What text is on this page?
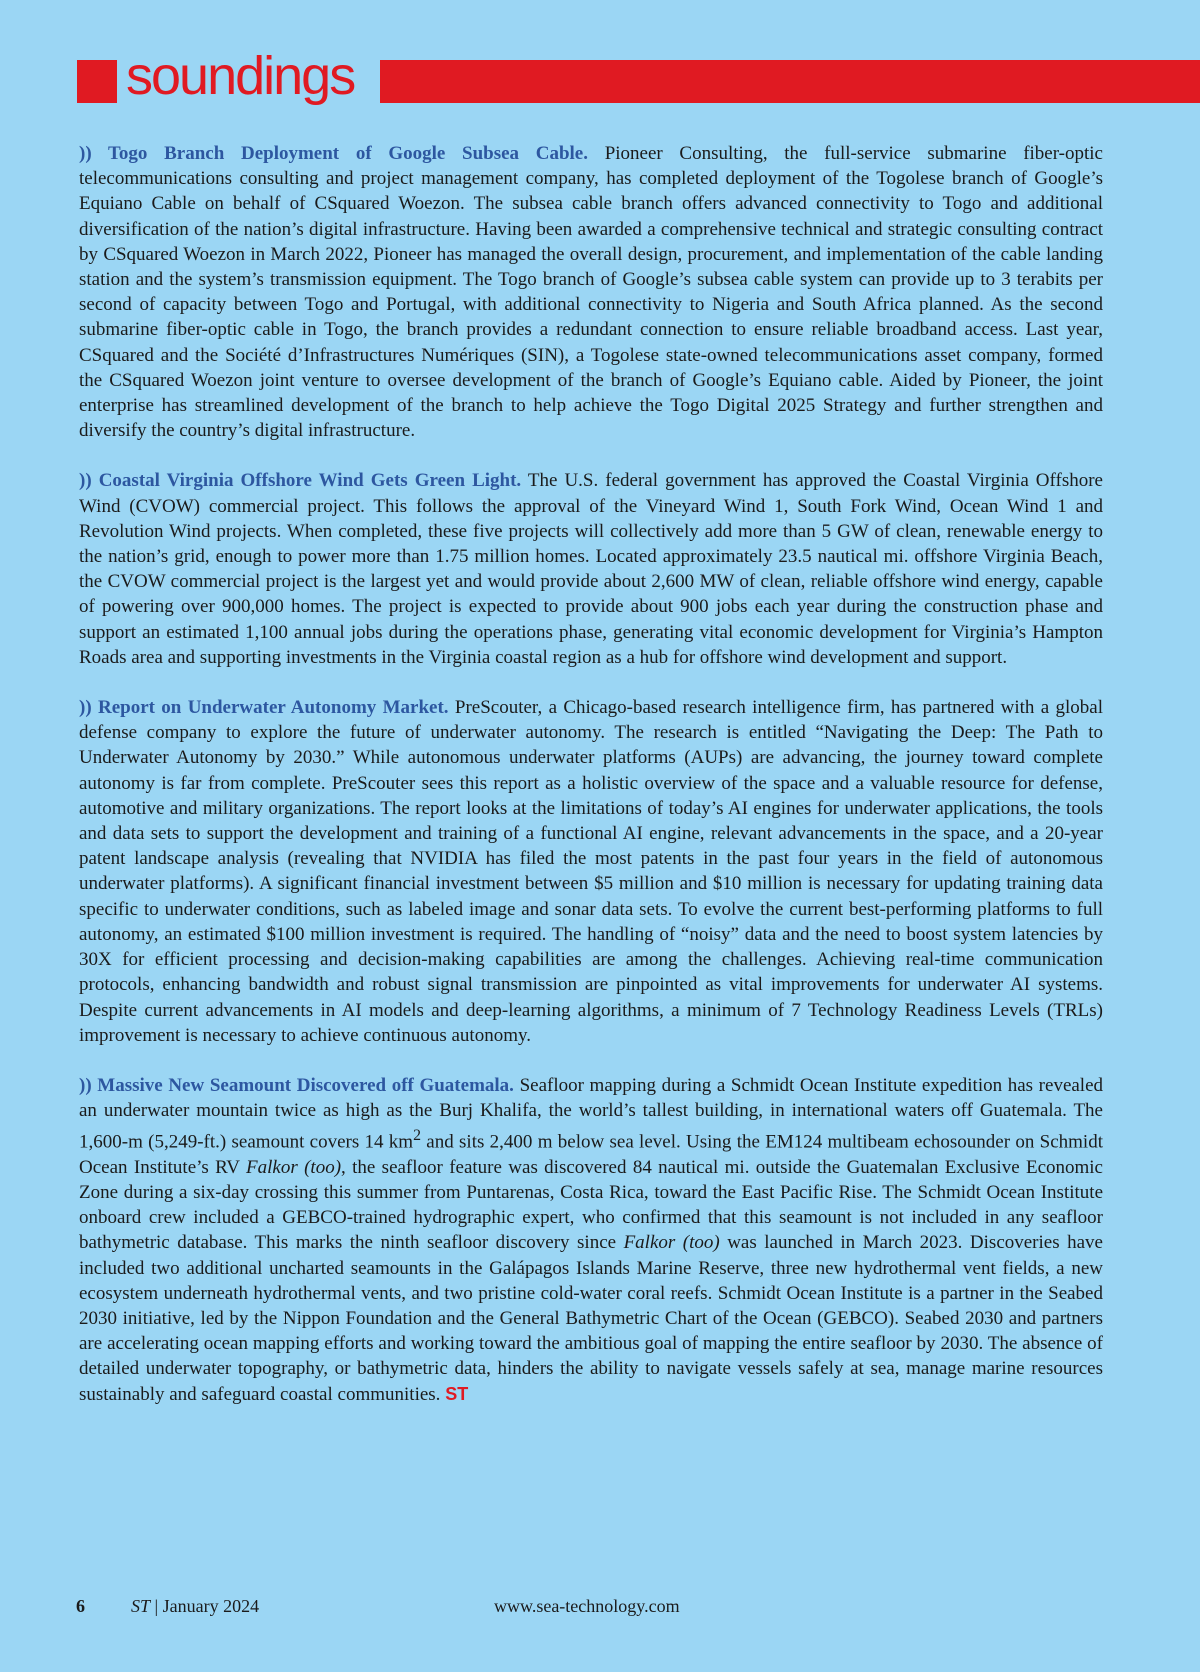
soundings

)) Togo Branch Deployment of Google Subsea Cable. Pioneer Consulting, the full-service submarine fiber-optic telecommunications consulting and project management company, has completed deployment of the Togolese branch of Google’s Equiano Cable on behalf of CSquared Woezon. The subsea cable branch offers advanced connectivity to Togo and additional diversification of the nation’s digital infrastructure. Having been awarded a comprehensive technical and strategic consulting contract by CSquared Woezon in March 2022, Pioneer has managed the overall design, procurement, and implementation of the cable landing station and the system’s transmission equipment. The Togo branch of Google’s subsea cable system can provide up to 3 terabits per second of capacity between Togo and Portugal, with additional connectivity to Nigeria and South Africa planned. As the second submarine fiber-optic cable in Togo, the branch provides a redundant connection to ensure reliable broadband access. Last year, CSquared and the Société d’Infrastructures Numériques (SIN), a Togolese state-owned telecommunications asset company, formed the CSquared Woezon joint venture to oversee development of the branch of Google’s Equiano cable. Aided by Pioneer, the joint enterprise has streamlined development of the branch to help achieve the Togo Digital 2025 Strategy and further strengthen and diversify the country’s digital infrastructure.

)) Coastal Virginia Offshore Wind Gets Green Light. The U.S. federal government has approved the Coastal Virginia Offshore Wind (CVOW) commercial project. This follows the approval of the Vineyard Wind 1, South Fork Wind, Ocean Wind 1 and Revolution Wind projects. When completed, these five projects will collectively add more than 5 GW of clean, renewable energy to the nation’s grid, enough to power more than 1.75 million homes. Located approximately 23.5 nautical mi. offshore Virginia Beach, the CVOW commercial project is the largest yet and would provide about 2,600 MW of clean, reliable offshore wind energy, capable of powering over 900,000 homes. The project is expected to provide about 900 jobs each year during the construction phase and support an estimated 1,100 annual jobs during the operations phase, generating vital economic development for Virginia’s Hampton Roads area and supporting investments in the Virginia coastal region as a hub for offshore wind development and support.

)) Report on Underwater Autonomy Market. PreScouter, a Chicago-based research intelligence firm, has partnered with a global defense company to explore the future of underwater autonomy. The research is entitled “Navigating the Deep: The Path to Underwater Autonomy by 2030.” While autonomous underwater platforms (AUPs) are advancing, the journey toward complete autonomy is far from complete. PreScouter sees this report as a holistic overview of the space and a valuable resource for defense, automotive and military organizations. The report looks at the limitations of today’s AI engines for underwater applications, the tools and data sets to support the development and training of a functional AI engine, relevant advancements in the space, and a 20-year patent landscape analysis (revealing that NVIDIA has filed the most patents in the past four years in the field of autonomous underwater platforms). A significant financial investment between $5 million and $10 million is necessary for updating training data specific to underwater conditions, such as labeled image and sonar data sets. To evolve the current best-performing platforms to full autonomy, an estimated $100 million investment is required. The handling of “noisy” data and the need to boost system latencies by 30X for efficient processing and decision-making capabilities are among the challenges. Achieving real-time communication protocols, enhancing bandwidth and robust signal transmission are pinpointed as vital improvements for underwater AI systems. Despite current advancements in AI models and deep-learning algorithms, a minimum of 7 Technology Readiness Levels (TRLs) improvement is necessary to achieve continuous autonomy.

)) Massive New Seamount Discovered off Guatemala. Seafloor mapping during a Schmidt Ocean Institute expedition has revealed an underwater mountain twice as high as the Burj Khalifa, the world’s tallest building, in international waters off Guatemala. The 1,600-m (5,249-ft.) seamount covers 14 $km^2$ and sits 2,400 m below sea level. Using the EM124 multibeam echosounder on Schmidt Ocean Institute’s RV Falkor (too), the seafloor feature was discovered 84 nautical mi. outside the Guatemalan Exclusive Economic Zone during a six-day crossing this summer from Puntarenas, Costa Rica, toward the East Pacific Rise. The Schmidt Ocean Institute onboard crew included a GEBCO-trained hydrographic expert, who confirmed that this seamount is not included in any seafloor bathymetric database. This marks the ninth seafloor discovery since Falkor (too) was launched in March 2023. Discoveries have included two additional uncharted seamounts in the Galápagos Islands Marine Reserve, three new hydrothermal vent fields, a new ecosystem underneath hydrothermal vents, and two pristine cold-water coral reefs. Schmidt Ocean Institute is a partner in the Seabed 2030 initiative, led by the Nippon Foundation and the General Bathymetric Chart of the Ocean (GEBCO). Seabed 2030 and partners are accelerating ocean mapping efforts and working toward the ambitious goal of mapping the entire seafloor by 2030. The absence of detailed underwater topography, or bathymetric data, hinders the ability to navigate vessels safely at sea, manage marine resources sustainably and safeguard coastal communities. ST

6	ST | January 2024	www.sea-technology.com
